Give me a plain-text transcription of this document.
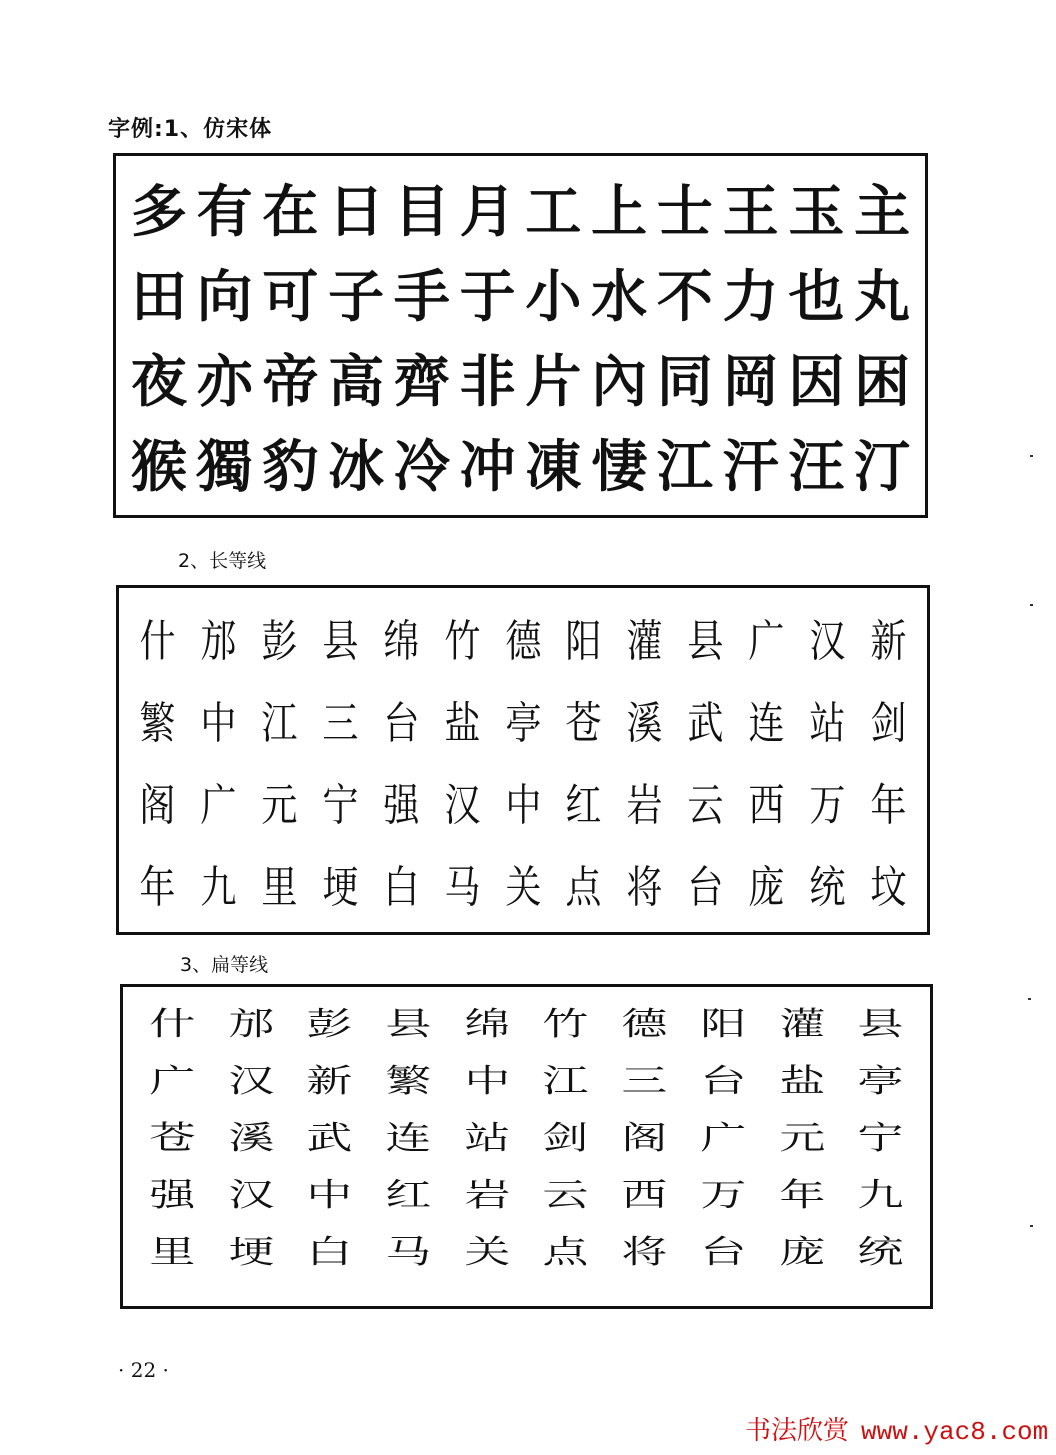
字例:1、仿宋体
多 有 在 日 目 月 工 上 士 王 玉 主
田 向 可 子 手 于 小 水 不 力 也 丸
夜 亦 帝 高 齊 非 片 內 同 岡 因 困
猴 獨 豹 冰 冷 冲 凍 悽 江 汗 汪 汀
2、长等线
什 邡 彭 县 绵 竹 德 阳 灌 县 广 汉 新
繁 中 江 三 台 盐 亭 苍 溪 武 连 站 剑
阁 广 元 宁 强 汉 中 红 岩 云 西 万 年
年 九 里 埂 白 马 关 点 将 台 庞 统 坟
3、扁等线
什 邡 彭 县 绵 竹 德 阳 灌 县
广 汉 新 繁 中 江 三 台 盐 亭
苍 溪 武 连 站 剑 阁 广 元 宁
强 汉 中 红 岩 云 西 万 年 九
里 埂 白 马 关 点 将 台 庞 统
· 22 ·
书法欣赏 www.yac8.com
